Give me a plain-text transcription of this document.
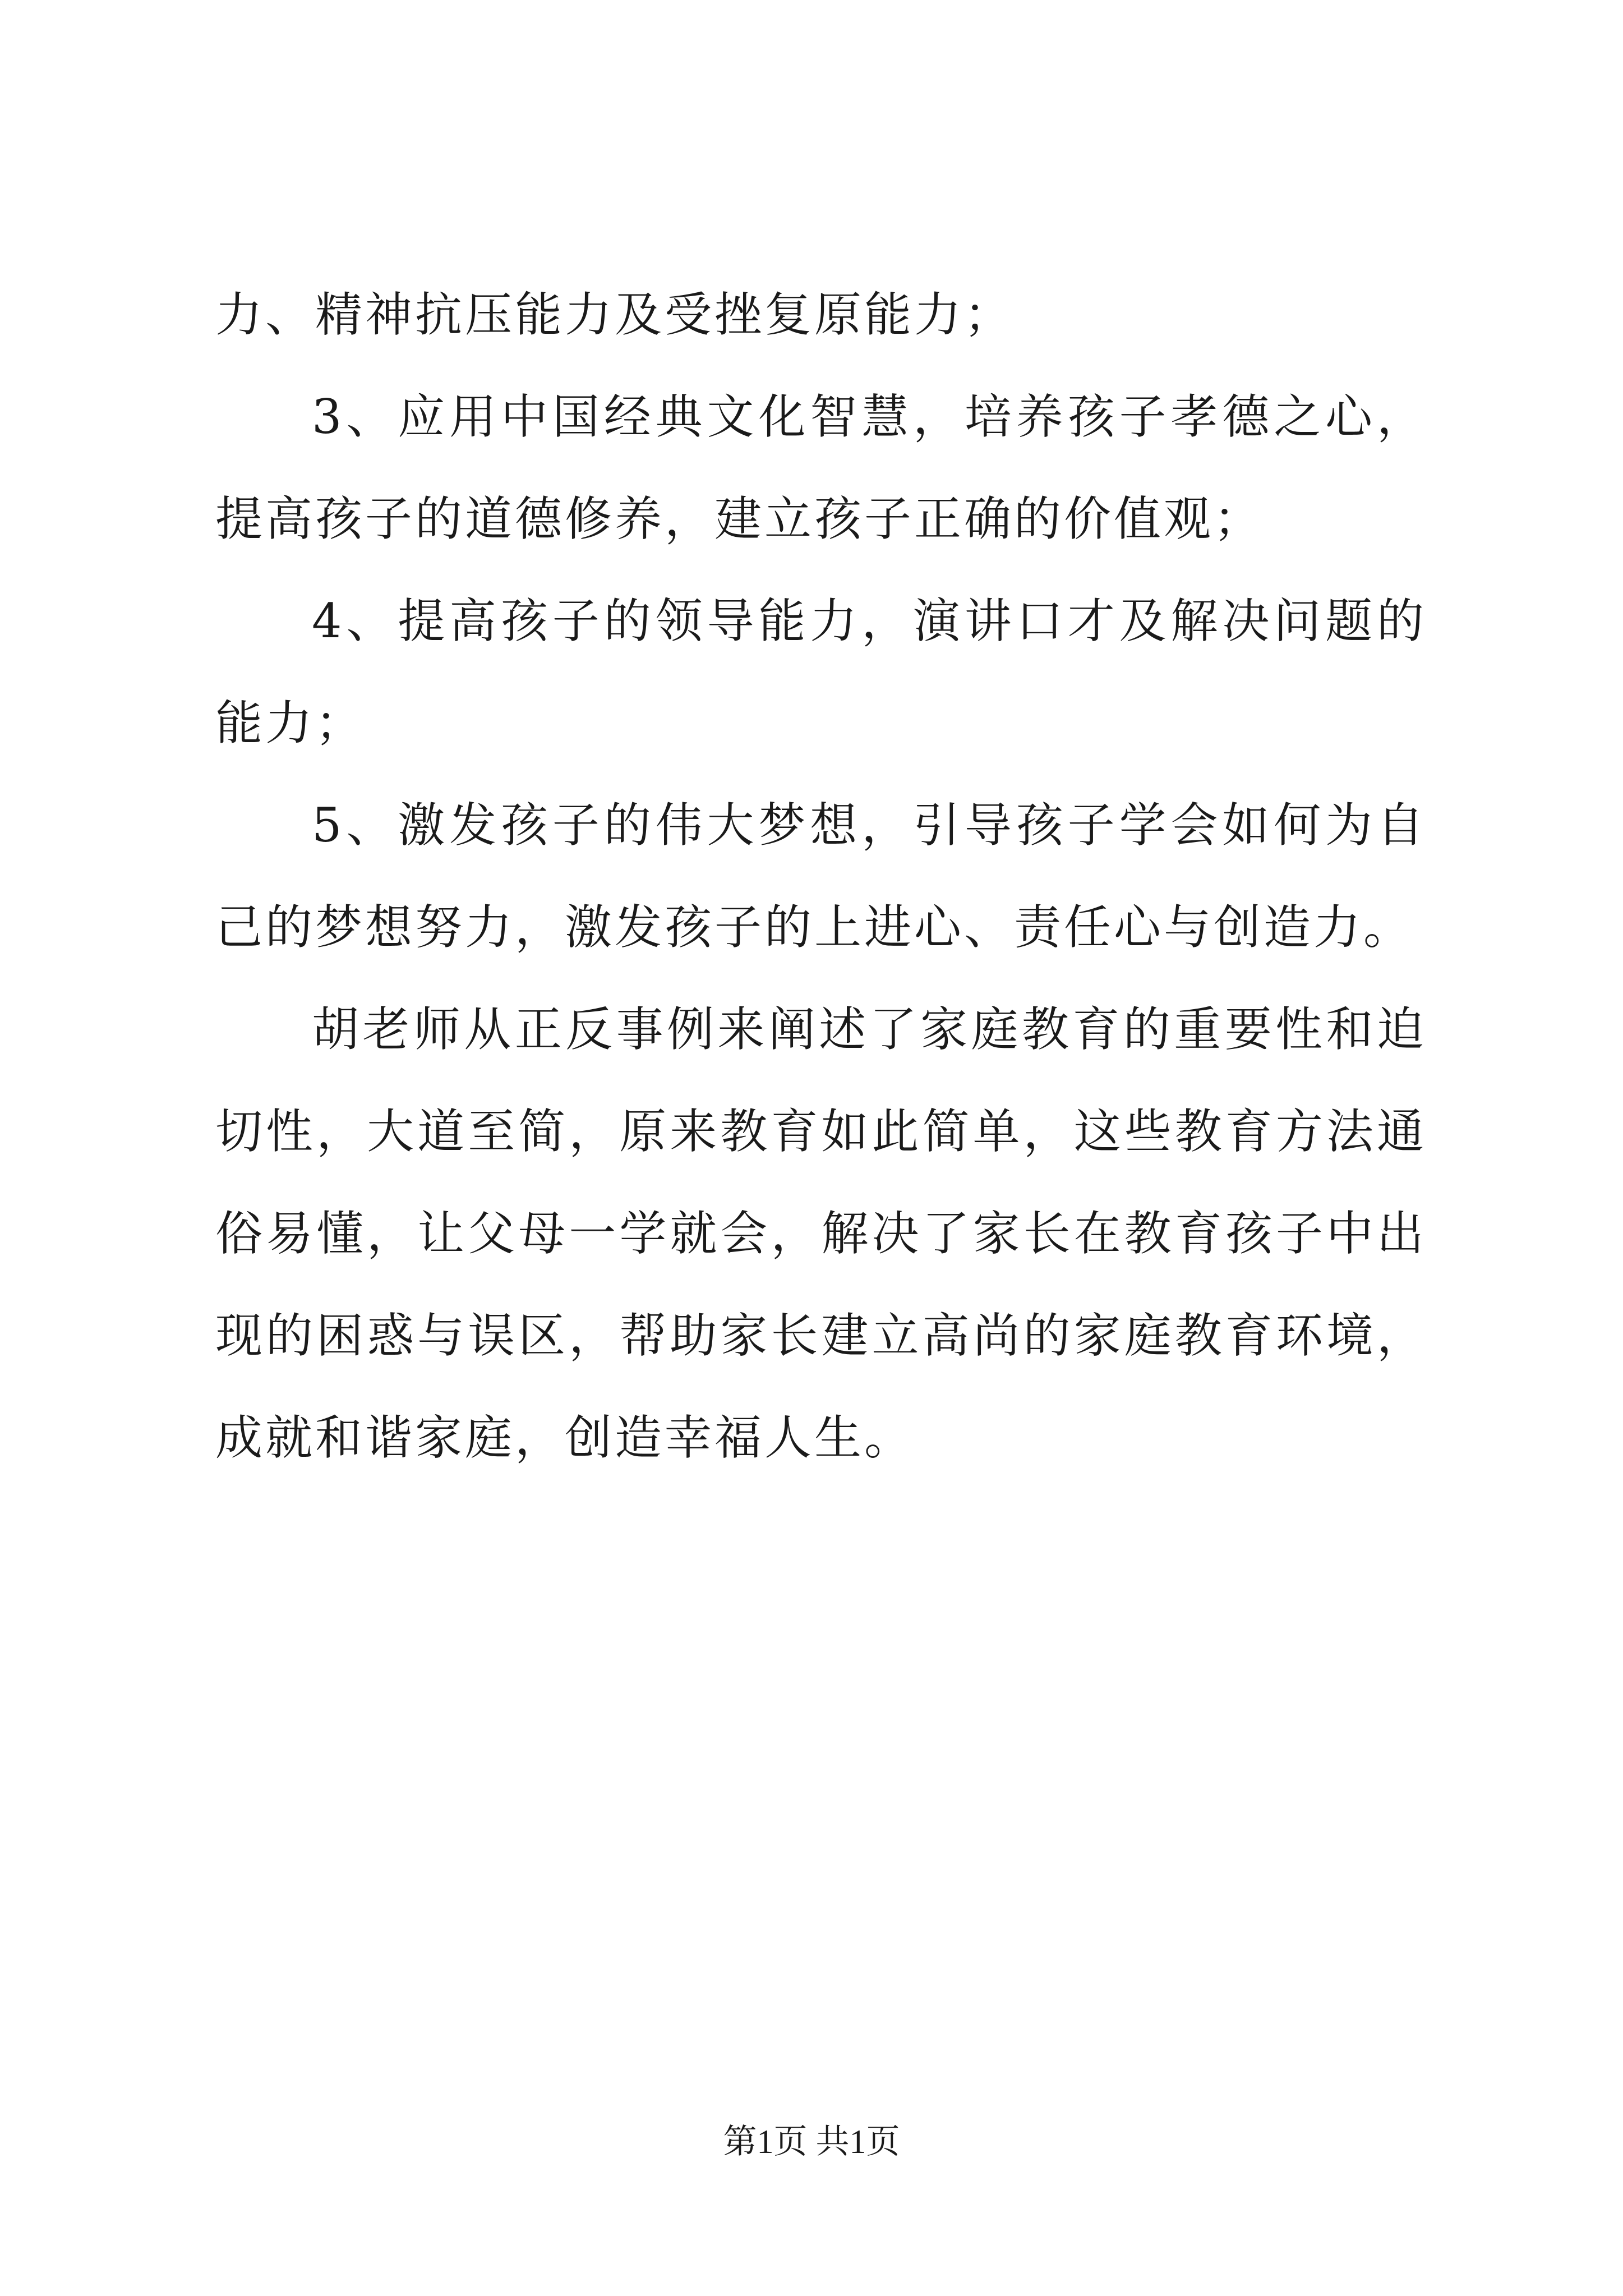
力、精神抗压能力及受挫复原能力；

3、应用中国经典文化智慧，培养孩子孝德之心，提高孩子的道德修养，建立孩子正确的价值观；

4、提高孩子的领导能力，演讲口才及解决问题的能力；

5、激发孩子的伟大梦想，引导孩子学会如何为自己的梦想努力，激发孩子的上进心、责任心与创造力。

胡老师从正反事例来阐述了家庭教育的重要性和迫切性，大道至简，原来教育如此简单，这些教育方法通俗易懂，让父母一学就会，解决了家长在教育孩子中出现的困惑与误区，帮助家长建立高尚的家庭教育环境，成就和谐家庭，创造幸福人生。

第1页 共1页
